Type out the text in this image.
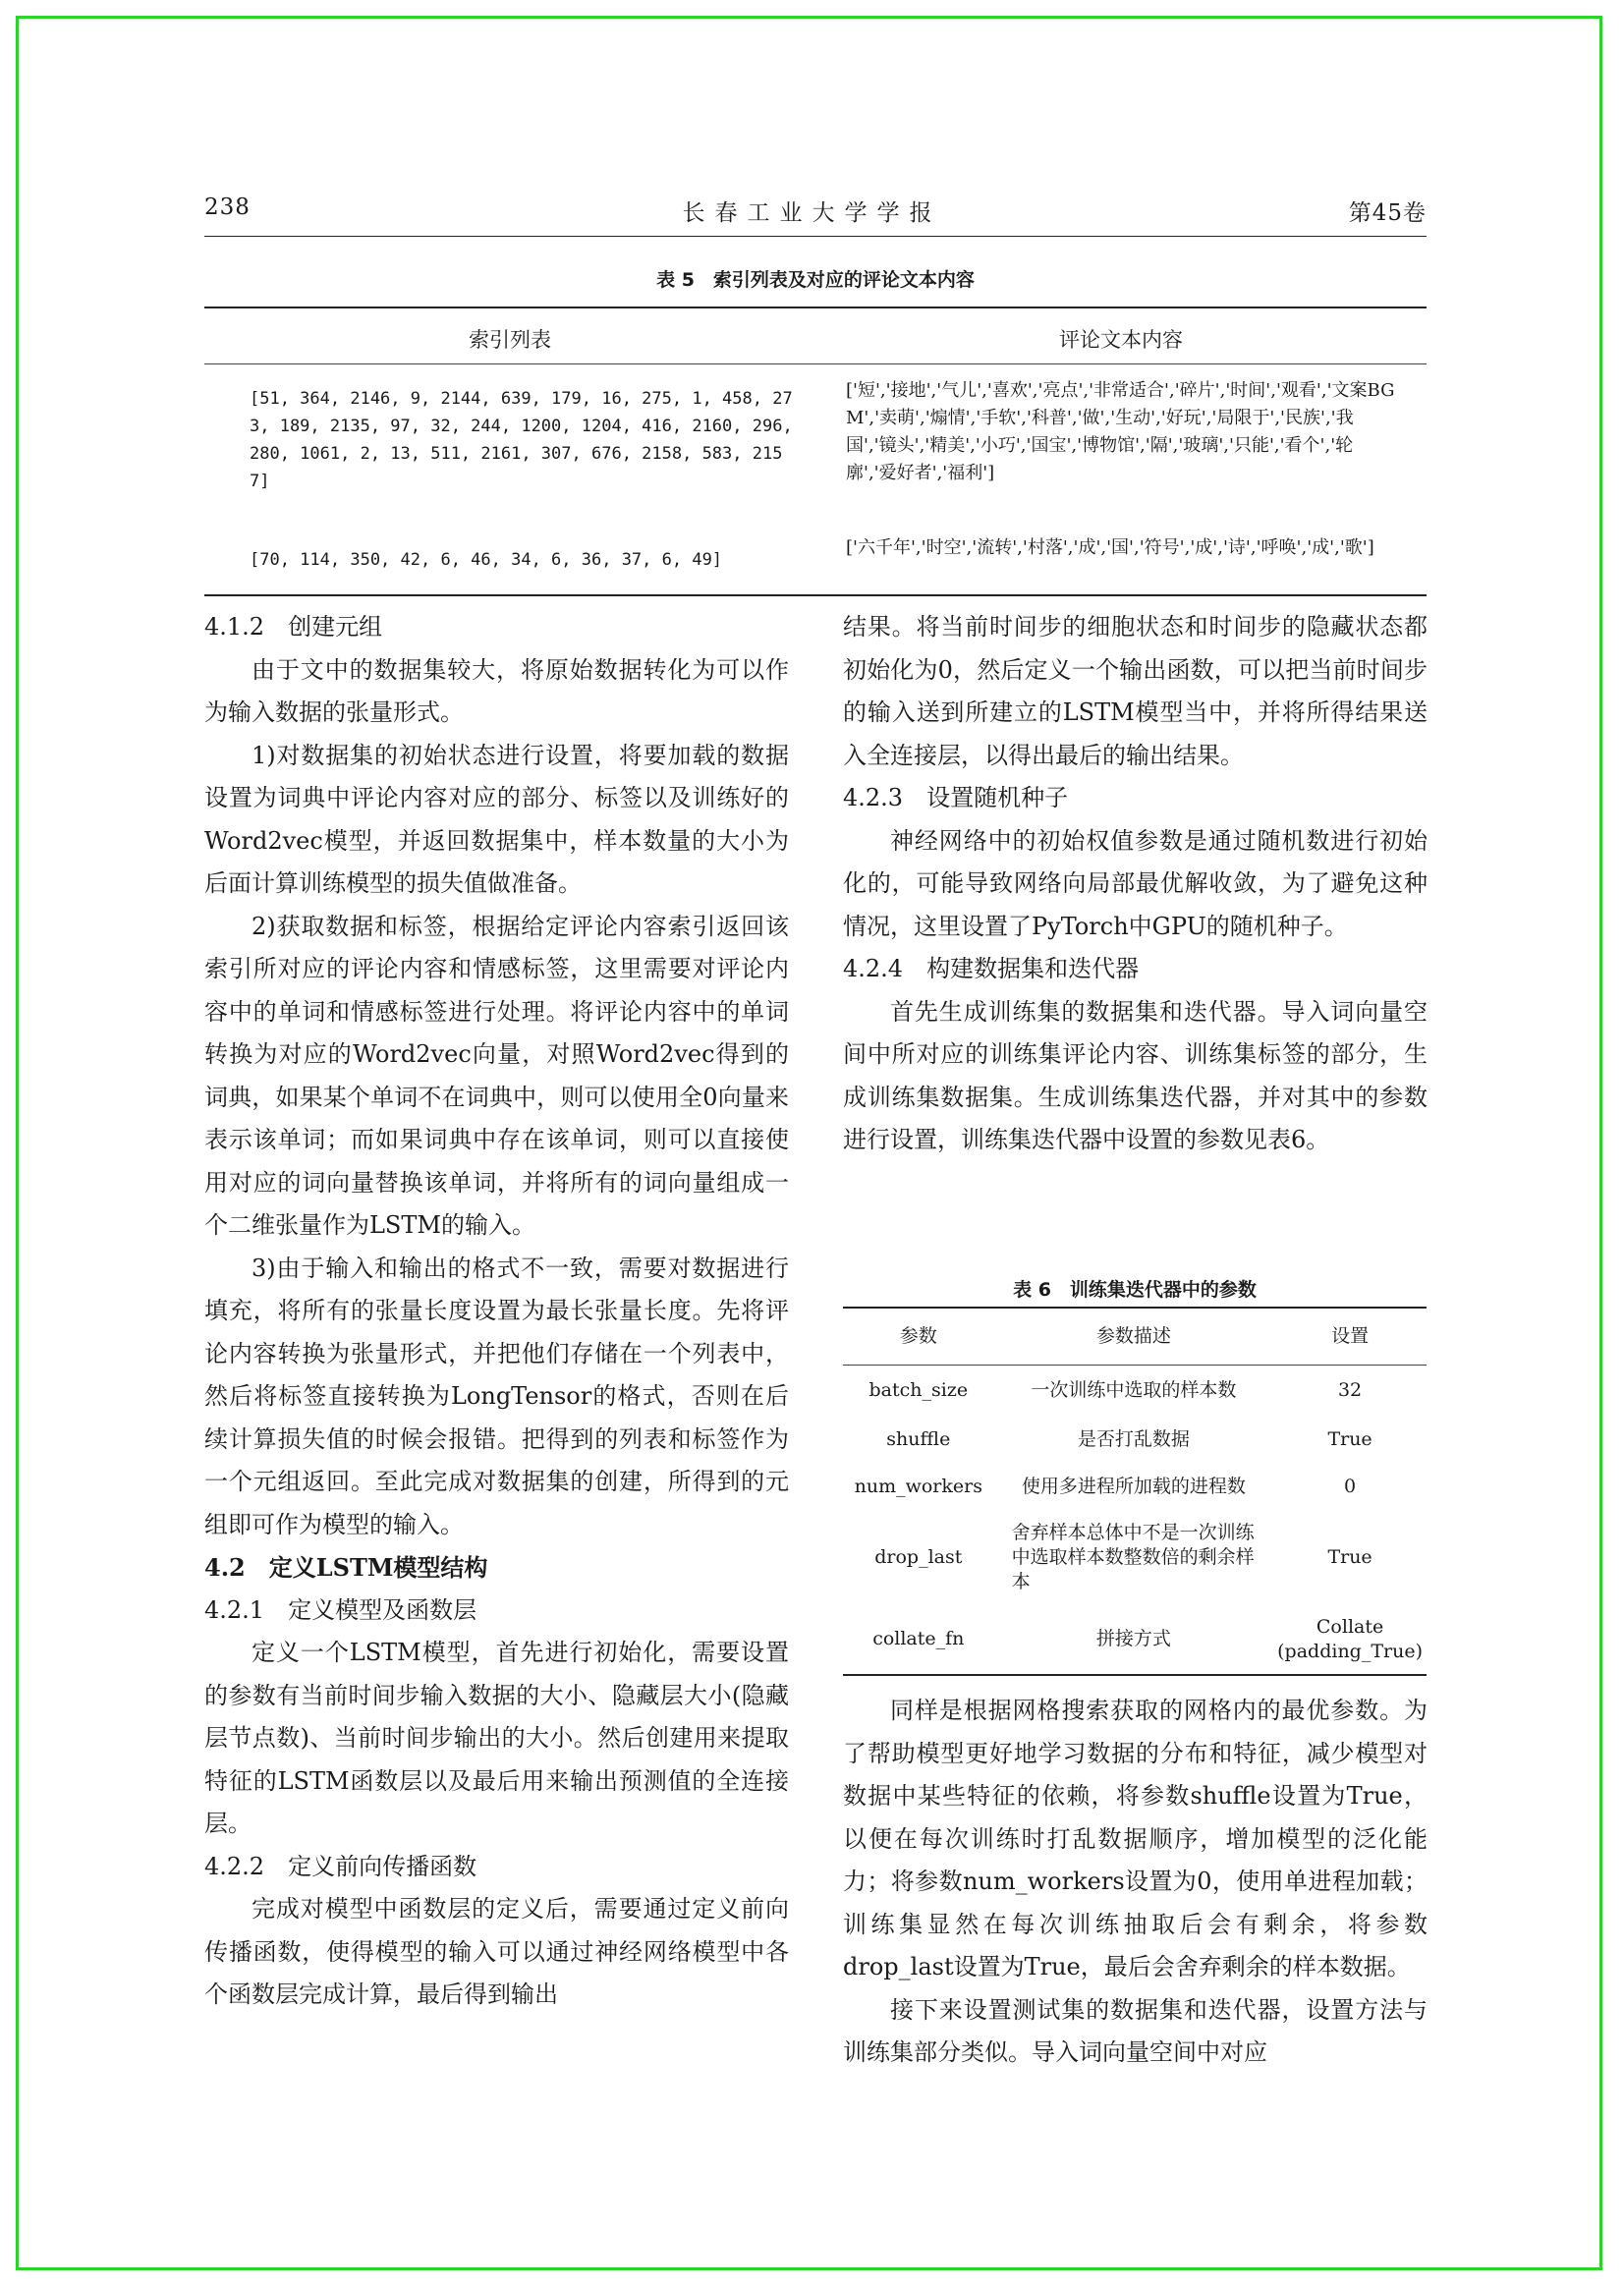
238	长春工业大学学报	第45卷
表 5　索引列表及对应的评论文本内容
索引列表	评论文本内容
[51, 364, 2146, 9, 2144, 639, 179, 16, 275, 1, 458, 273, 189, 2135, 97, 32, 244, 1200, 1204, 416, 2160, 296, 280, 1061, 2, 13, 511, 2161, 307, 676, 2158, 583, 2157]
['短','接地','气儿','喜欢','亮点','非常适合','碎片','时间','观看','文案BGM','卖萌','煽情','手软','科普','做','生动','好玩','局限于','民族','我国','镜头','精美','小巧','国宝','博物馆','隔','玻璃','只能','看个','轮廓','爱好者','福利']
[70, 114, 350, 42, 6, 46, 34, 6, 36, 37, 6, 49]
['六千年','时空','流转','村落','成','国','符号','成','诗','呼唤','成','歌']

4.1.2　创建元组

由于文中的数据集较大，将原始数据转化为可以作为输入数据的张量形式。

1)对数据集的初始状态进行设置，将要加载的数据设置为词典中评论内容对应的部分、标签以及训练好的Word2vec模型，并返回数据集中，样本数量的大小为后面计算训练模型的损失值做准备。

2)获取数据和标签，根据给定评论内容索引返回该索引所对应的评论内容和情感标签，这里需要对评论内容中的单词和情感标签进行处理。将评论内容中的单词转换为对应的Word2vec向量，对照Word2vec得到的词典，如果某个单词不在词典中，则可以使用全0向量来表示该单词；而如果词典中存在该单词，则可以直接使用对应的词向量替换该单词，并将所有的词向量组成一个二维张量作为LSTM的输入。

3)由于输入和输出的格式不一致，需要对数据进行填充，将所有的张量长度设置为最长张量长度。先将评论内容转换为张量形式，并把他们存储在一个列表中，然后将标签直接转换为LongTensor的格式，否则在后续计算损失值的时候会报错。把得到的列表和标签作为一个元组返回。至此完成对数据集的创建，所得到的元组即可作为模型的输入。

4.2　定义LSTM模型结构

4.2.1　定义模型及函数层

定义一个LSTM模型，首先进行初始化，需要设置的参数有当前时间步输入数据的大小、隐藏层大小(隐藏层节点数)、当前时间步输出的大小。然后创建用来提取特征的LSTM函数层以及最后用来输出预测值的全连接层。

4.2.2　定义前向传播函数

完成对模型中函数层的定义后，需要通过定义前向传播函数，使得模型的输入可以通过神经网络模型中各个函数层完成计算，最后得到输出

结果。将当前时间步的细胞状态和时间步的隐藏状态都初始化为0，然后定义一个输出函数，可以把当前时间步的输入送到所建立的LSTM模型当中，并将所得结果送入全连接层，以得出最后的输出结果。

4.2.3　设置随机种子

神经网络中的初始权值参数是通过随机数进行初始化的，可能导致网络向局部最优解收敛，为了避免这种情况，这里设置了PyTorch中GPU的随机种子。

4.2.4　构建数据集和迭代器

首先生成训练集的数据集和迭代器。导入词向量空间中所对应的训练集评论内容、训练集标签的部分，生成训练集数据集。生成训练集迭代器，并对其中的参数进行设置，训练集迭代器中设置的参数见表6。

表 6　训练集迭代器中的参数
参数	参数描述	设置
batch_size	一次训练中选取的样本数	32
shuffle	是否打乱数据	True
num_workers	使用多进程所加载的进程数	0
drop_last	舍弃样本总体中不是一次训练中选取样本数整数倍的剩余样本	True
collate_fn	拼接方式	Collate (padding_True)

同样是根据网格搜索获取的网格内的最优参数。为了帮助模型更好地学习数据的分布和特征，减少模型对数据中某些特征的依赖，将参数shuffle设置为True，以便在每次训练时打乱数据顺序，增加模型的泛化能力；将参数num_workers设置为0，使用单进程加载；训练集显然在每次训练抽取后会有剩余，将参数drop_last设置为True，最后会舍弃剩余的样本数据。

接下来设置测试集的数据集和迭代器，设置方法与训练集部分类似。导入词向量空间中对应
